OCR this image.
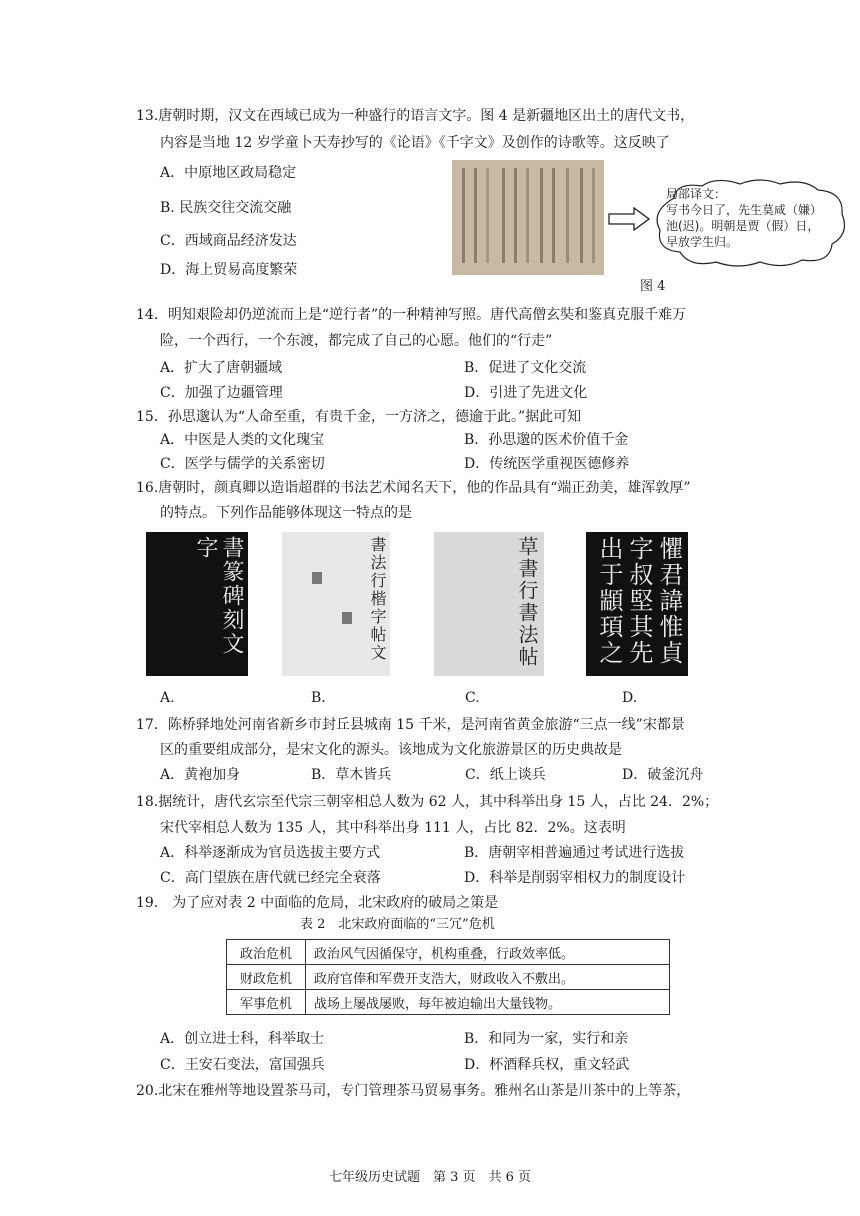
13.唐朝时期，汉文在西域已成为一种盛行的语言文字。图 4 是新疆地区出土的唐代文书，
内容是当地 12 岁学童卜天寿抄写的《论语》《千字文》及创作的诗歌等。这反映了
A．中原地区政局稳定
B. 民族交往交流交融
C．西域商品经济发达
D．海上贸易高度繁荣
局部译文：
写书今日了，先生莫咸（嫌）
池(迟)。明朝是贾（假）日，
早放学生归。
图 4
14．明知艰险却仍逆流而上是“逆行者”的一种精神写照。唐代高僧玄奘和鉴真克服千难万
险，一个西行，一个东渡，都完成了自己的心愿。他们的“行走”
A．扩大了唐朝疆域	B．促进了文化交流
C．加强了边疆管理	D．引进了先进文化
15．孙思邈认为“人命至重，有贵千金，一方济之，德逾于此。”据此可知
A．中医是人类的文化瑰宝	B．孙思邈的医术价值千金
C．医学与儒学的关系密切	D．传统医学重视医德修养
16.唐朝时，颜真卿以造诣超群的书法艺术闻名天下，他的作品具有“端正劲美，雄浑敦厚”
的特点。下列作品能够体现这一特点的是
書篆碑刻文字	書法行楷字帖文	草書行書法帖	懼君諱惟貞字叔堅其先出于顓頊之
A.	B.	C.	D.
17．陈桥驿地处河南省新乡市封丘县城南 15 千米，是河南省黄金旅游“三点一线”宋都景
区的重要组成部分，是宋文化的源头。该地成为文化旅游景区的历史典故是
A．黄袍加身	B．草木皆兵	C．纸上谈兵	D．破釜沉舟
18.据统计，唐代玄宗至代宗三朝宰相总人数为 62 人，其中科举出身 15 人，占比 24．2%；
宋代宰相总人数为 135 人，其中科举出身 111 人，占比 82．2%。这表明
A．科举逐渐成为官员选拔主要方式	B．唐朝宰相普遍通过考试进行选拔
C．高门望族在唐代就已经完全衰落	D．科举是削弱宰相权力的制度设计
19． 为了应对表 2 中面临的危局，北宋政府的破局之策是
表 2　北宋政府面临的“三冗”危机
政治危机	政治风气因循保守，机构重叠，行政效率低。
财政危机	政府官俸和军费开支浩大，财政收入不敷出。
军事危机	战场上屡战屡败，每年被迫输出大量钱物。
A．创立进士科，科举取士	B．和同为一家，实行和亲
C．王安石变法，富国强兵	D．杯酒释兵权，重文轻武
20.北宋在雅州等地设置茶马司，专门管理茶马贸易事务。雅州名山茶是川茶中的上等茶，
七年级历史试题　第 3 页　共 6 页
